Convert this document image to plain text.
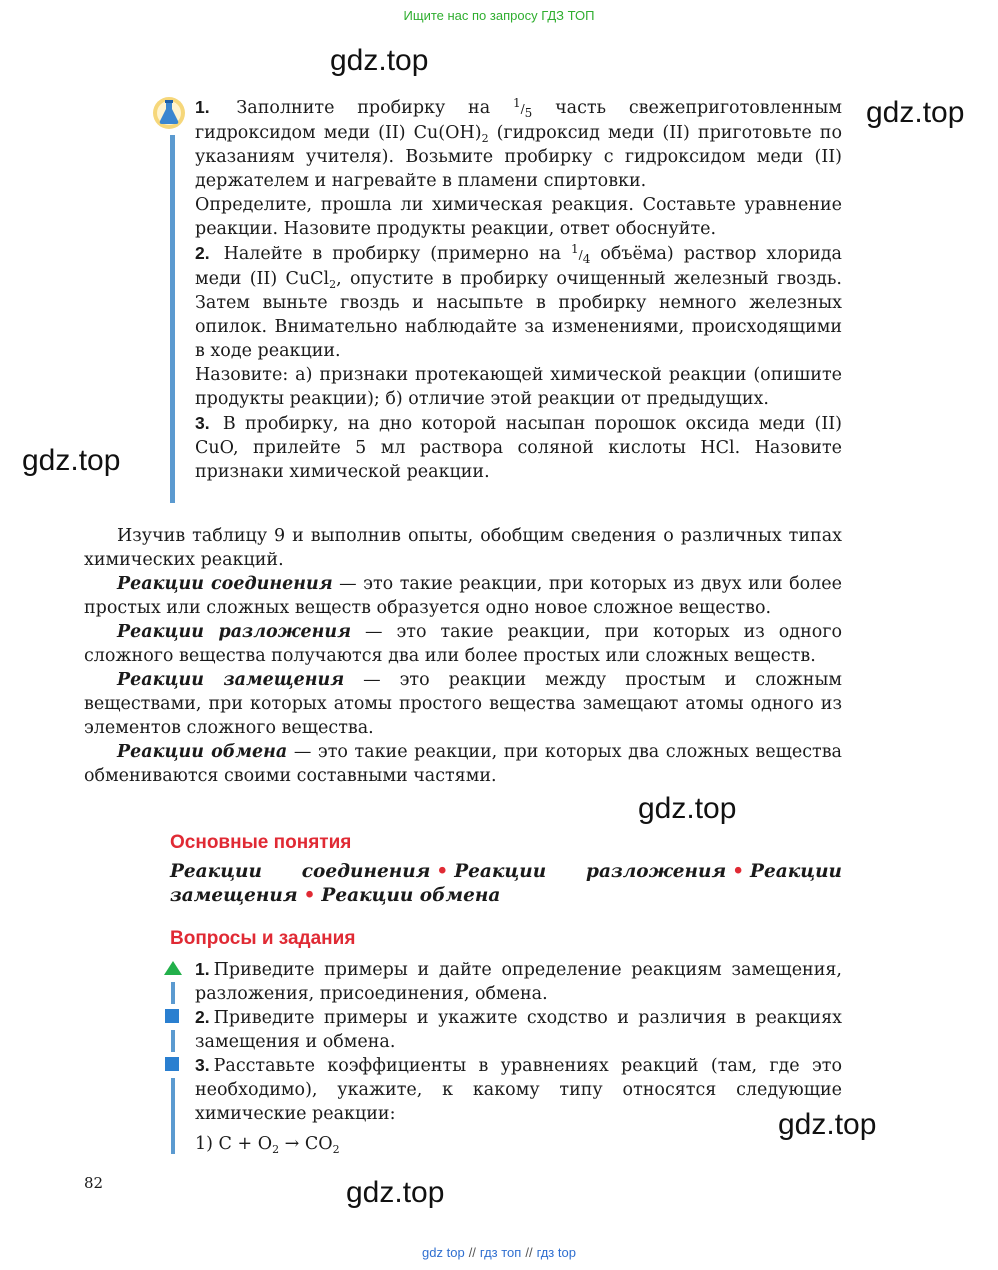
Ищите нас по запросу ГДЗ ТОП
gdz.top
gdz.top
gdz.top
gdz.top
gdz.top
gdz.top

1. Заполните пробирку на 1/5 часть свежеприготовленным гидроксидом меди (II) $Cu(OH)_2$ (гидроксид меди (II) приготовьте по указаниям учителя). Возьмите пробирку с гидроксидом меди (II) держателем и нагревайте в пламени спиртовки.

Определите, прошла ли химическая реакция. Составьте уравнение реакции. Назовите продукты реакции, ответ обоснуйте.

2. Налейте в пробирку (примерно на 1/4 объёма) раствор хлорида меди (II) CuCl$_2$, опустите в пробирку очищенный железный гвоздь. Затем выньте гвоздь и насыпьте в пробирку немного железных опилок. Внимательно наблюдайте за изменениями, происходящими в ходе реакции.

Назовите: а) признаки протекающей химической реакции (опишите продукты реакции); б) отличие этой реакции от предыдущих.

3. В пробирку, на дно которой насыпан порошок оксида меди (II) CuO, прилейте 5 мл раствора соляной кислоты HCl. Назовите признаки химической реакции.

Изучив таблицу 9 и выполнив опыты, обобщим сведения о различных типах химических реакций.

Реакции соединения — это такие реакции, при которых из двух или более простых или сложных веществ образуется одно новое сложное вещество.

Реакции разложения — это такие реакции, при которых из одного сложного вещества получаются два или более простых или сложных веществ.

Реакции замещения — это реакции между простым и сложным веществами, при которых атомы простого вещества замещают атомы одного из элементов сложного вещества.

Реакции обмена — это такие реакции, при которых два сложных вещества обмениваются своими составными частями.

Основные понятия
Реакции соединения • Реакции разложения • Реакции замещения • Реакции обмена
Вопросы и задания
1. Приведите примеры и дайте определение реакциям замещения, разложения, присоединения, обмена.
2. Приведите примеры и укажите сходство и различия в реакциях замещения и обмена.
3. Расставьте коэффициенты в уравнениях реакций (там, где это необходимо), укажите, к какому типу относятся следующие химические реакции:
1) $C + O_2 \to CO_2$
82
gdz top // гдз топ // гдз top
